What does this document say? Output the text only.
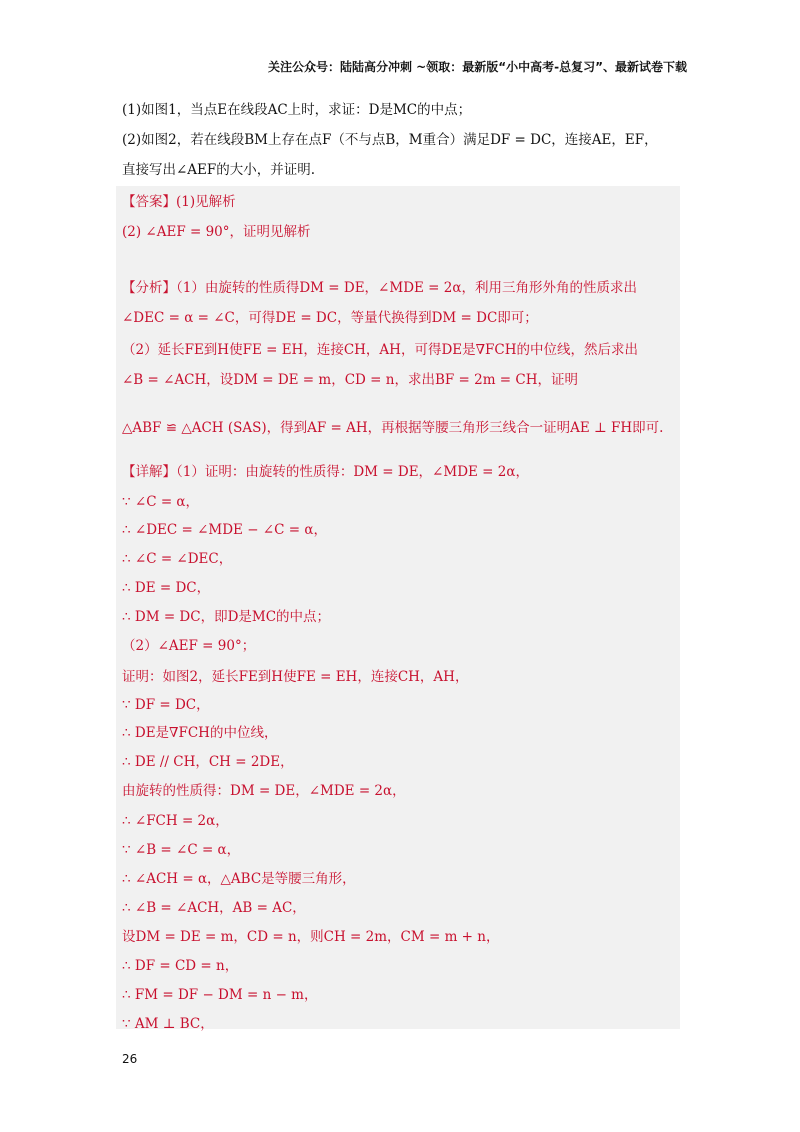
关注公众号：陆陆高分冲刺 ~领取：最新版“小中高考-总复习”、最新试卷下载
(1)如图1，当点E在线段AC上时，求证：D是MC的中点；
(2)如图2，若在线段BM上存在点F（不与点B，M重合）满足DF = DC，连接AE，EF，
直接写出∠AEF的大小，并证明.
【答案】(1)见解析
(2) ∠AEF = 90°，证明见解析
【分析】（1）由旋转的性质得DM = DE，∠MDE = 2α，利用三角形外角的性质求出
∠DEC = α = ∠C，可得DE = DC，等量代换得到DM = DC即可；
（2）延长FE到H使FE = EH，连接CH，AH，可得DE是∇FCH的中位线，然后求出
∠B = ∠ACH，设DM = DE = m，CD = n，求出BF = 2m = CH，证明
△ABF ≌ △ACH (SAS)，得到AF = AH，再根据等腰三角形三线合一证明AE ⊥ FH即可.
【详解】（1）证明：由旋转的性质得：DM = DE，∠MDE = 2α，
∵ ∠C = α，
∴ ∠DEC = ∠MDE − ∠C = α，
∴ ∠C = ∠DEC，
∴ DE = DC，
∴ DM = DC，即D是MC的中点；
（2）∠AEF = 90°；
证明：如图2，延长FE到H使FE = EH，连接CH，AH，
∵ DF = DC，
∴ DE是∇FCH的中位线，
∴ DE // CH，CH = 2DE，
由旋转的性质得：DM = DE，∠MDE = 2α，
∴ ∠FCH = 2α，
∵ ∠B = ∠C = α，
∴ ∠ACH = α，△ABC是等腰三角形，
∴ ∠B = ∠ACH，AB = AC，
设DM = DE = m，CD = n，则CH = 2m，CM = m + n，
∴ DF = CD = n，
∴ FM = DF − DM = n − m，
∵ AM ⊥ BC，
26
